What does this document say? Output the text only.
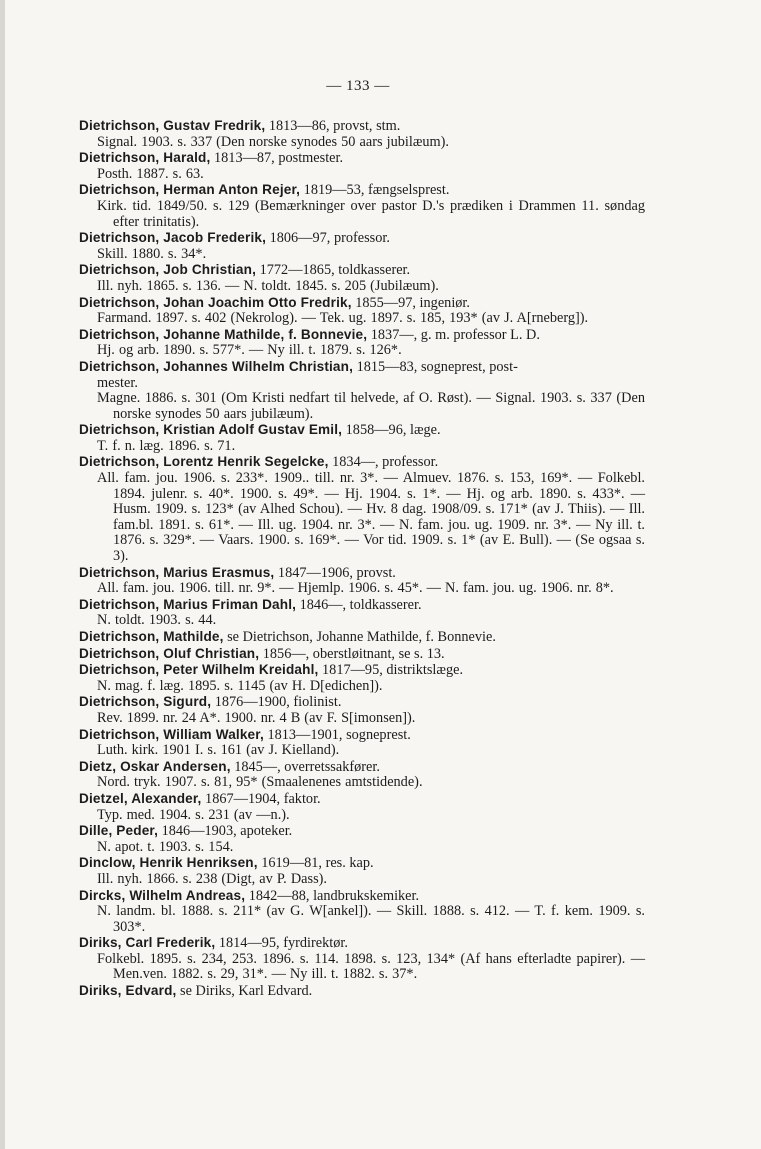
— 133 —

Dietrichson, Gustav Fredrik, 1813—86, provst, stm.

Signal. 1903. s. 337 (Den norske synodes 50 aars jubilæum).

Dietrichson, Harald, 1813—87, postmester.

Posth. 1887. s. 63.

Dietrichson, Herman Anton Rejer, 1819—53, fængselsprest.

Kirk. tid. 1849/50. s. 129 (Bemærkninger over pastor D.'s prædiken i Drammen 11. søndag efter trinitatis).

Dietrichson, Jacob Frederik, 1806—97, professor.

Skill. 1880. s. 34*.

Dietrichson, Job Christian, 1772—1865, toldkasserer.

Ill. nyh. 1865. s. 136. — N. toldt. 1845. s. 205 (Jubilæum).

Dietrichson, Johan Joachim Otto Fredrik, 1855—97, ingeniør.

Farmand. 1897. s. 402 (Nekrolog). — Tek. ug. 1897. s. 185, 193* (av J. A[rneberg]).

Dietrichson, Johanne Mathilde, f. Bonnevie, 1837—, g. m. professor L. D.

Hj. og arb. 1890. s. 577*. — Ny ill. t. 1879. s. 126*.

Dietrichson, Johannes Wilhelm Christian, 1815—83, sogneprest, post-

mester.

Magne. 1886. s. 301 (Om Kristi nedfart til helvede, af O. Røst). — Signal. 1903. s. 337 (Den norske synodes 50 aars jubilæum).

Dietrichson, Kristian Adolf Gustav Emil, 1858—96, læge.

T. f. n. læg. 1896. s. 71.

Dietrichson, Lorentz Henrik Segelcke, 1834—, professor.

All. fam. jou. 1906. s. 233*. 1909.. till. nr. 3*. — Almuev. 1876. s. 153, 169*. — Folkebl. 1894. julenr. s. 40*. 1900. s. 49*. — Hj. 1904. s. 1*. — Hj. og arb. 1890. s. 433*. — Husm. 1909. s. 123* (av Alhed Schou). — Hv. 8 dag. 1908/09. s. 171* (av J. Thiis). — Ill. fam.bl. 1891. s. 61*. — Ill. ug. 1904. nr. 3*. — N. fam. jou. ug. 1909. nr. 3*. — Ny ill. t. 1876. s. 329*. — Vaars. 1900. s. 169*. — Vor tid. 1909. s. 1* (av E. Bull). — (Se ogsaa s. 3).

Dietrichson, Marius Erasmus, 1847—1906, provst.

All. fam. jou. 1906. till. nr. 9*. — Hjemlp. 1906. s. 45*. — N. fam. jou. ug. 1906. nr. 8*.

Dietrichson, Marius Friman Dahl, 1846—, toldkasserer.

N. toldt. 1903. s. 44.

Dietrichson, Mathilde, se Dietrichson, Johanne Mathilde, f. Bonnevie.

Dietrichson, Oluf Christian, 1856—, oberstløitnant, se s. 13.

Dietrichson, Peter Wilhelm Kreidahl, 1817—95, distriktslæge.

N. mag. f. læg. 1895. s. 1145 (av H. D[edichen]).

Dietrichson, Sigurd, 1876—1900, fiolinist.

Rev. 1899. nr. 24 A*. 1900. nr. 4 B (av F. S[imonsen]).

Dietrichson, William Walker, 1813—1901, sogneprest.

Luth. kirk. 1901 I. s. 161 (av J. Kielland).

Dietz, Oskar Andersen, 1845—, overretssakfører.

Nord. tryk. 1907. s. 81, 95* (Smaalenenes amtstidende).

Dietzel, Alexander, 1867—1904, faktor.

Typ. med. 1904. s. 231 (av —n.).

Dille, Peder, 1846—1903, apoteker.

N. apot. t. 1903. s. 154.

Dinclow, Henrik Henriksen, 1619—81, res. kap.

Ill. nyh. 1866. s. 238 (Digt, av P. Dass).

Dircks, Wilhelm Andreas, 1842—88, landbrukskemiker.

N. landm. bl. 1888. s. 211* (av G. W[ankel]). — Skill. 1888. s. 412. — T. f. kem. 1909. s. 303*.

Diriks, Carl Frederik, 1814—95, fyrdirektør.

Folkebl. 1895. s. 234, 253. 1896. s. 114. 1898. s. 123, 134* (Af hans efterladte papirer). — Men.ven. 1882. s. 29, 31*. — Ny ill. t. 1882. s. 37*.

Diriks, Edvard, se Diriks, Karl Edvard.
